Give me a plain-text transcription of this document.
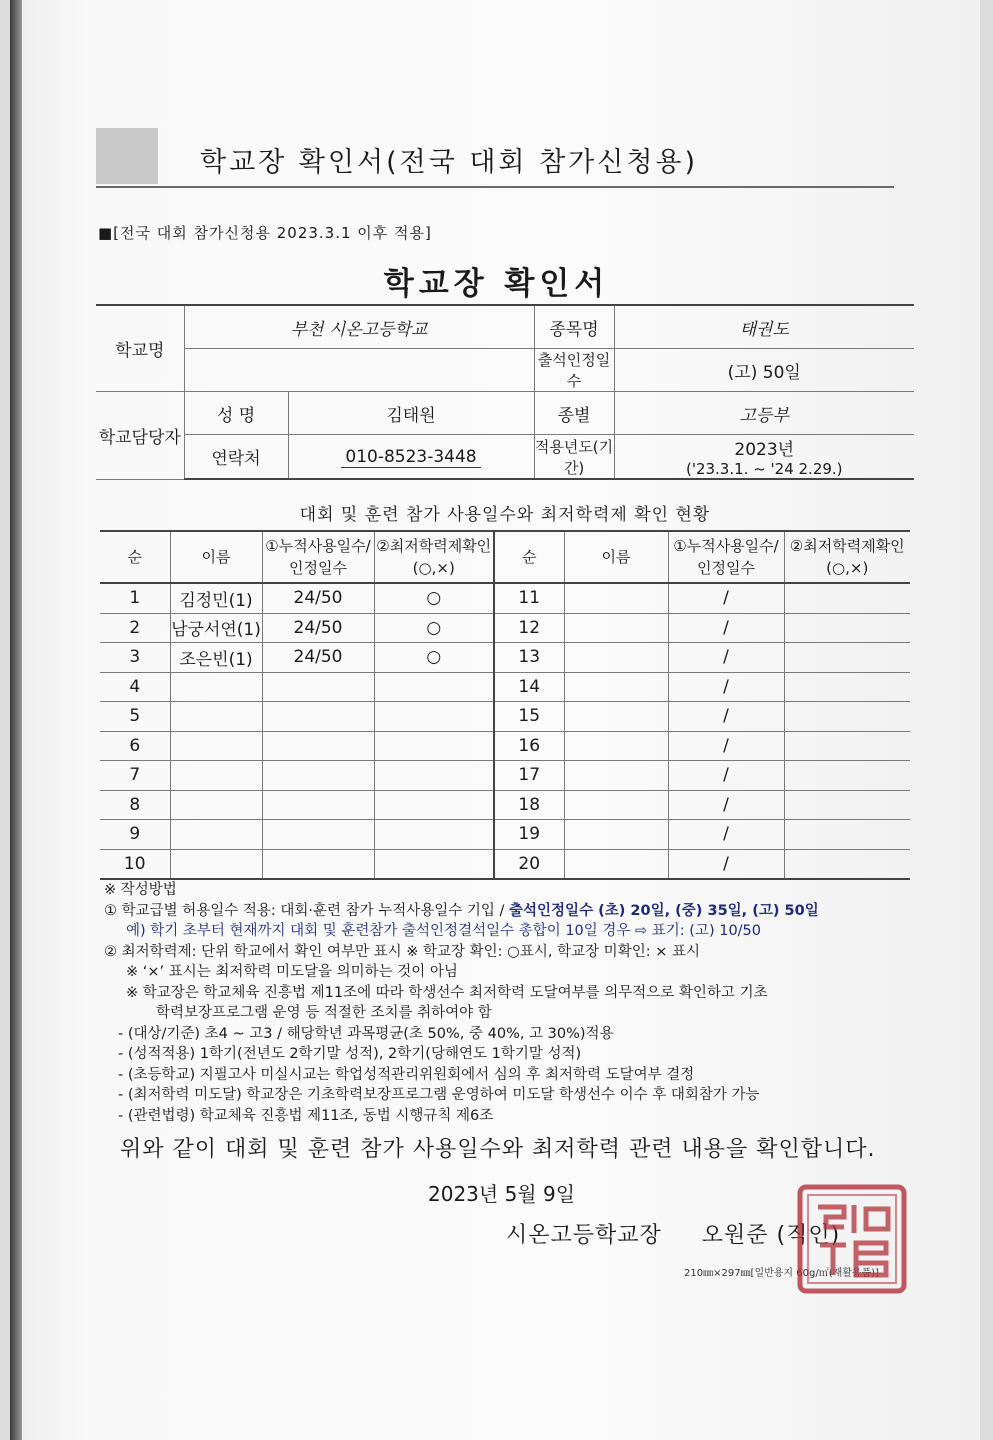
학교장 확인서(전국 대회 참가신청용)
■[전국 대회 참가신청용 2023.3.1 이후 적용]
학교장 확인서
학교명	부천 시온고등학교		종목명	태권도
			출석인정일수	(고) 50일
학교담당자	성 명	김태원	종별	고등부
	연락처	010-8523-3448	적용년도(기간)	2023년
('23.3.1. ~ '24 2.29.)
대회 및 훈련 참가 사용일수와 최저학력제 확인 현황
순	이름	①누적사용일수/인정일수	②최저학력제확인(○,×)	순	이름	①누적사용일수/인정일수	②최저학력제확인(○,×)
1	김정민(1)	24/50	○	11		/	
2	남궁서연(1)	24/50	○	12		/	
3	조은빈(1)	24/50	○	13		/	
4				14		/	
5				15		/	
6				16		/	
7				17		/	
8				18		/	
9				19		/	
10				20		/	
※ 작성방법
① 학교급별 허용일수 적용: 대회·훈련 참가 누적사용일수 기입 / 출석인정일수 (초) 20일, (중) 35일, (고) 50일
예) 학기 초부터 현재까지 대회 및 훈련참가 출석인정결석일수 총합이 10일 경우 ⇨ 표기: (고) 10/50
② 최저학력제: 단위 학교에서 확인 여부만 표시 ※ 학교장 확인: ○표시, 학교장 미확인: × 표시
※ ‘×’ 표시는 최저학력 미도달을 의미하는 것이 아님
※ 학교장은 학교체육 진흥법 제11조에 따라 학생선수 최저학력 도달여부를 의무적으로 확인하고 기초
학력보장프로그램 운영 등 적절한 조치를 취하여야 함
- (대상/기준) 초4 ~ 고3 / 해당학년 과목평균(초 50%, 중 40%, 고 30%)적용
- (성적적용) 1학기(전년도 2학기말 성적), 2학기(당해연도 1학기말 성적)
- (초등학교) 지필고사 미실시교는 학업성적관리위원회에서 심의 후 최저학력 도달여부 결정
- (최저학력 미도달) 학교장은 기초학력보장프로그램 운영하여 미도달 학생선수 이수 후 대회참가 가능
- (관련법령) 학교체육 진흥법 제11조, 동법 시행규칙 제6조
위와 같이 대회 및 훈련 참가 사용일수와 최저학력 관련 내용을 확인합니다.
2023년 5월 9일
시온고등학교장 오원준 (직인)
210㎜×297㎜[일반용지 60g/㎡(재활용품)]
